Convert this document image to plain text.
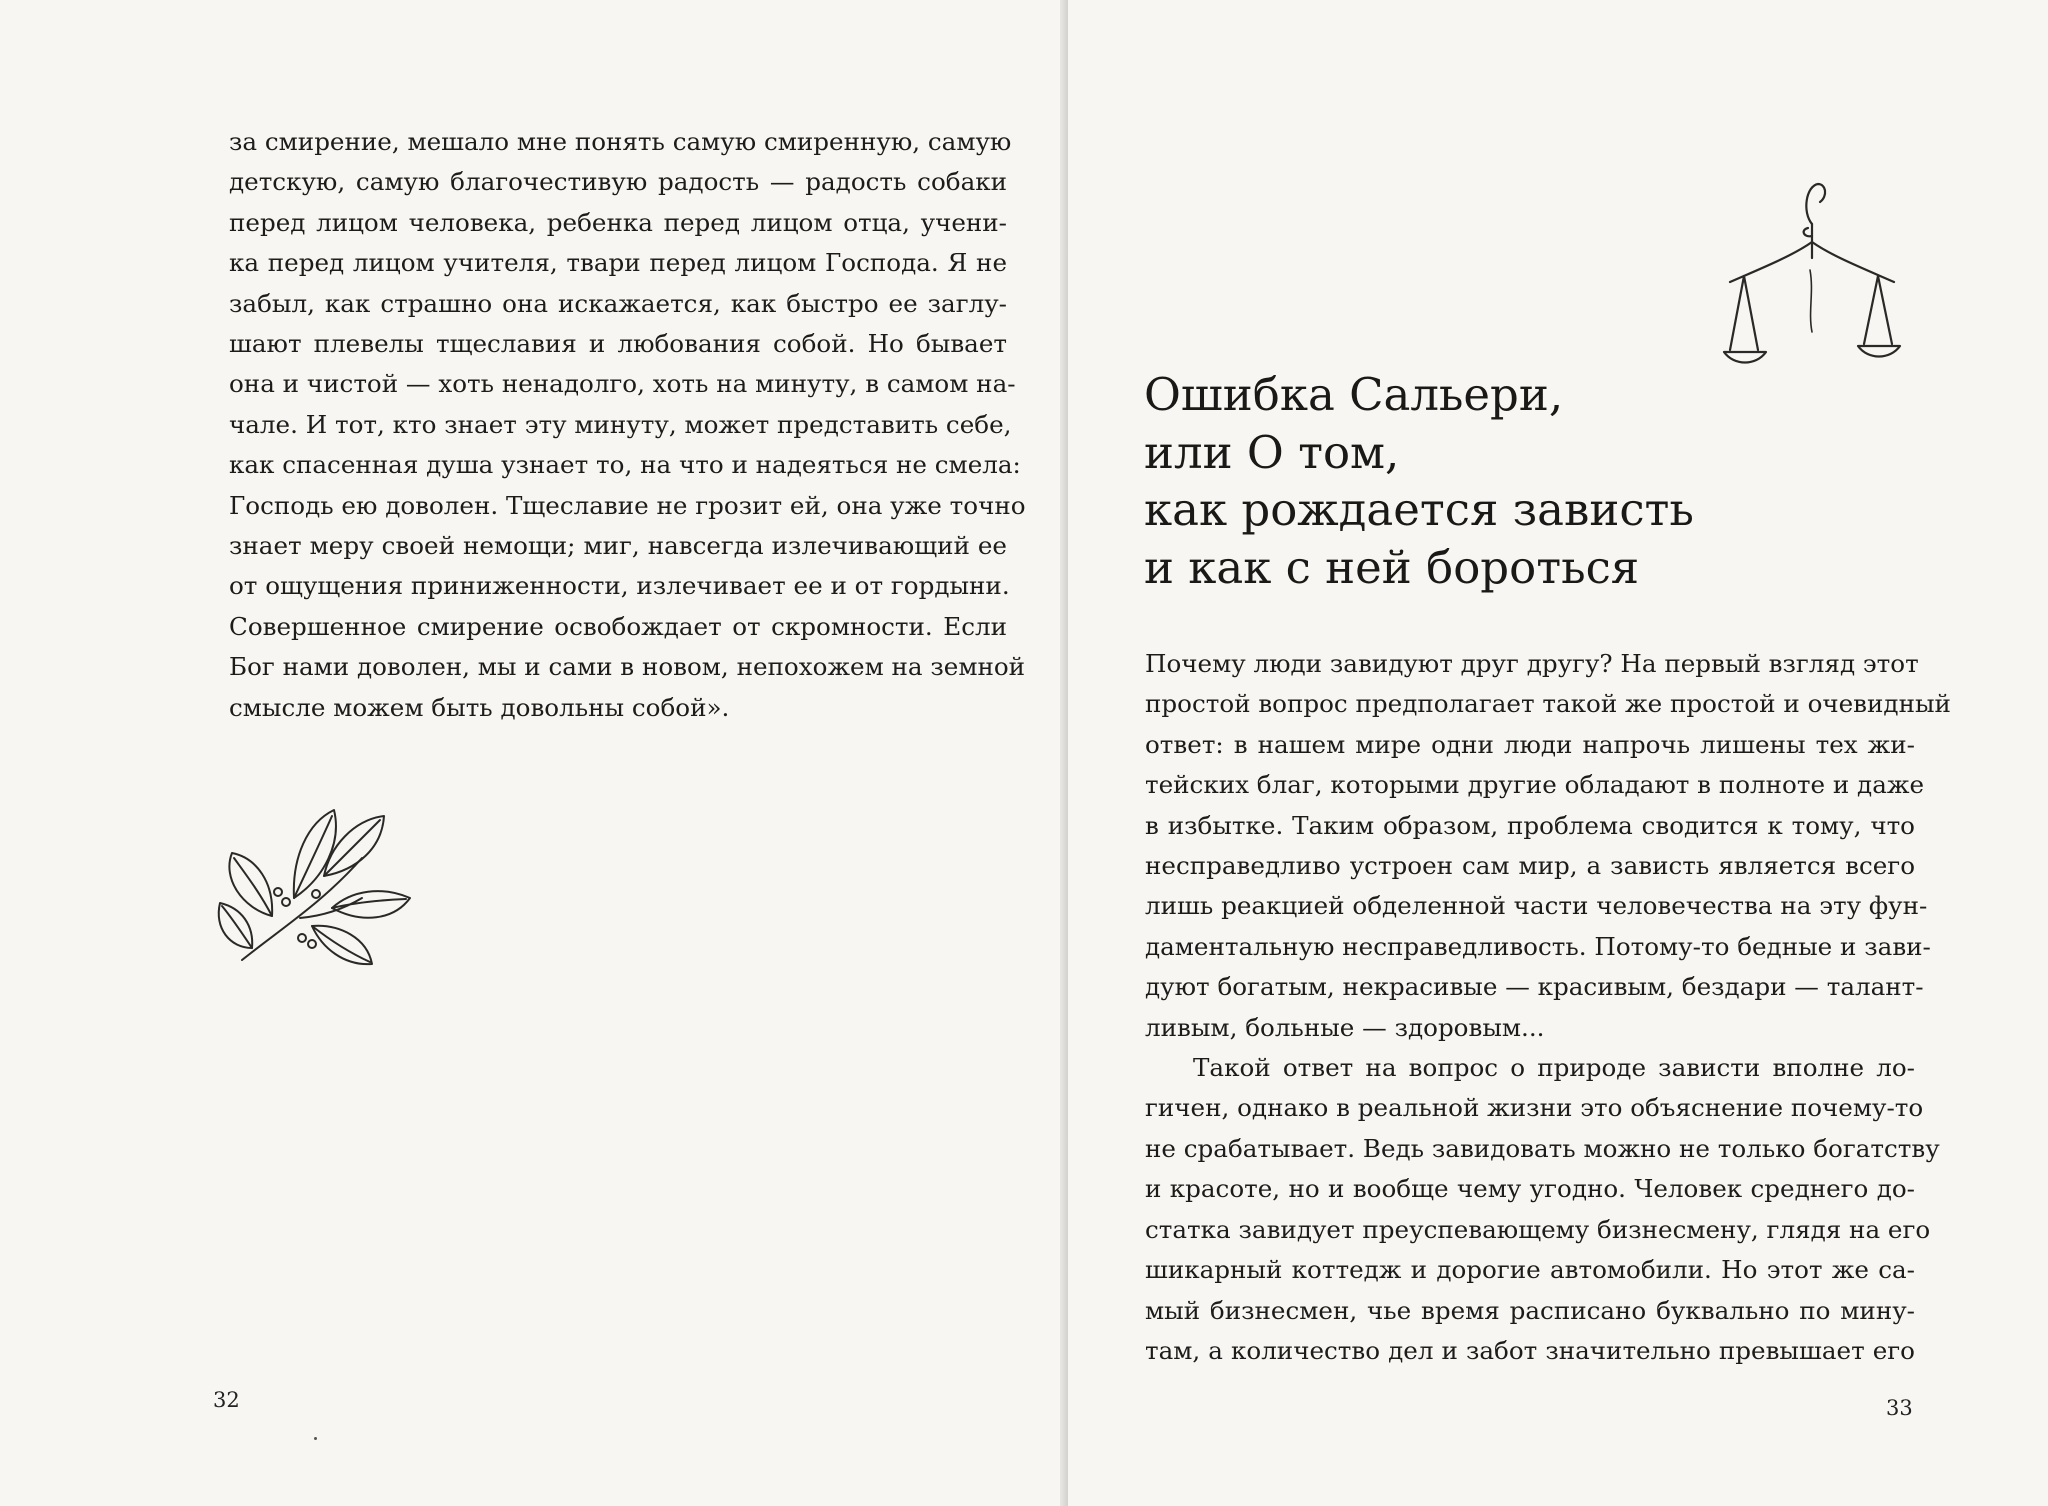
за смирение, мешало мне понять самую смиренную, самую
детскую, самую благочестивую радость — радость собаки
перед лицом человека, ребенка перед лицом отца, учени-
ка перед лицом учителя, твари перед лицом Господа. Я не
забыл, как страшно она искажается, как быстро ее заглу-
шают плевелы тщеславия и любования собой. Но бывает
она и чистой — хоть ненадолго, хоть на минуту, в самом на-
чале. И тот, кто знает эту минуту, может представить себе,
как спасенная душа узнает то, на что и надеяться не смела:
Господь ею доволен. Тщеславие не грозит ей, она уже точно
знает меру своей немощи; миг, навсегда излечивающий ее
от ощущения приниженности, излечивает ее и от гордыни.
Совершенное смирение освобождает от скромности. Если
Бог нами доволен, мы и сами в новом, непохожем на земной
смысле можем быть довольны собой».
32
Ошибка Сальери,
или О том,
как рождается зависть
и как с ней бороться
Почему люди завидуют друг другу? На первый взгляд этот
простой вопрос предполагает такой же простой и очевидный
ответ: в нашем мире одни люди напрочь лишены тех жи-
тейских благ, которыми другие обладают в полноте и даже
в избытке. Таким образом, проблема сводится к тому, что
несправедливо устроен сам мир, а зависть является всего
лишь реакцией обделенной части человечества на эту фун-
даментальную несправедливость. Потому-то бедные и зави-
дуют богатым, некрасивые — красивым, бездари — талант-
ливым, больные — здоровым...
Такой ответ на вопрос о природе зависти вполне ло-
гичен, однако в реальной жизни это объяснение почему-то
не срабатывает. Ведь завидовать можно не только богатству
и красоте, но и вообще чему угодно. Человек среднего до-
статка завидует преуспевающему бизнесмену, глядя на его
шикарный коттедж и дорогие автомобили. Но этот же са-
мый бизнесмен, чье время расписано буквально по мину-
там, а количество дел и забот значительно превышает его
33
